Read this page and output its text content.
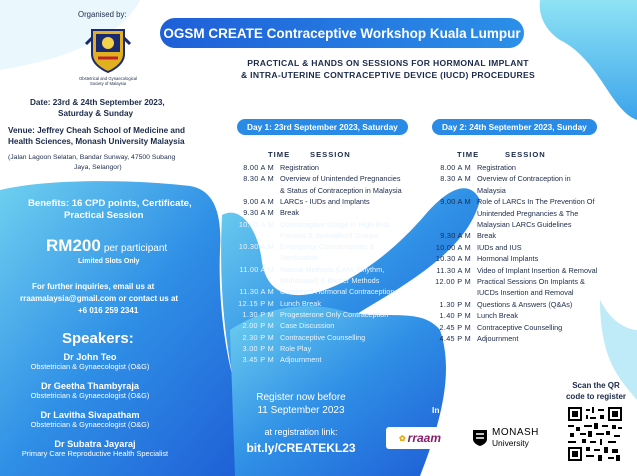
Organised by:
Obstetrical and Gynaecological Society of Malaysia
OGSM CREATE Contraceptive Workshop Kuala Lumpur
PRACTICAL & HANDS ON SESSIONS FOR HORMONAL IMPLANT
& INTRA-UTERINE CONTRACEPTIVE DEVICE (IUCD) PROCEDURES
Date: 23rd & 24th September 2023,
Saturday & Sunday
Venue: Jeffrey Cheah School of Medicine and
Health Sciences, Monash University Malaysia
(Jalan Lagoon Selatan, Bandar Sunway, 47500 Subang
Jaya, Selangor)
Benefits: 16 CPD points, Certificate,
Practical Session
RM200 per participant
Limited Slots Only
For further inquiries, email us at
rraamalaysia@gmail.com or contact us at
+6 016 259 2341
Speakers:
Dr John Teo
Obstetrician & Gynaecologist (O&G)
Dr Geetha Thambyraja
Obstetrician & Gynaecologist (O&G)
Dr Lavitha Sivapatham
Obstetrician & Gynaecologist (O&G)
Dr Subatra Jayaraj
Primary Care Reproductive Health Specialist
Day 1: 23rd September 2023, Saturday
TIME	SESSION
8.00 A M Registration
8.30 A M Overview of Unintended Pregnancies
& Status of Contraception in Malaysia
9.00 A M LARCs - IUDs and Implants
9.30 A M Break
10.00 A M Contraceptive Usage In High Risk
Patients & Specialised Groups
10.30 A M Emergency Contraceptives &
Sterilisation
11.00 A M Natural Methods (LAM, Rhythm,
Withdrawal) & Barrier Methods
11.30 A M Combined Hormonal Contraception
12.15 P M Lunch Break
1.30 P M Progesterone Only Contraception
2.00 P M Case Discussion
2.30 P M Contraceptive Counselling
3.00 P M Role Play
3.45 P M Adjournment
Day 2: 24th September 2023, Sunday
TIME	SESSION
8.00 A M Registration
8.30 A M Overview of Contraception in
Malaysia
9.00 A M Role of LARCs In The Prevention Of
Unintended Pregnancies & The
Malaysian LARCs Guidelines
9.30 A M Break
10.00 A M IUDs and IUS
10.30 A M Hormonal Implants
11.30 A M Video of Implant Insertion & Removal
12.00 P M Practical Sessions On Implants &
IUCDs Insertion and Removal
1.30 P M Questions & Answers (Q&As)
1.40 P M Lunch Break
2.45 P M Contraceptive Counselling
4.45 P M Adjournment
Register now before
11 September 2023
at registration link:
bit.ly/CREATEKL23
In collaboration with:
✿ rraam	MONASH
University
Scan the QR
code to register
